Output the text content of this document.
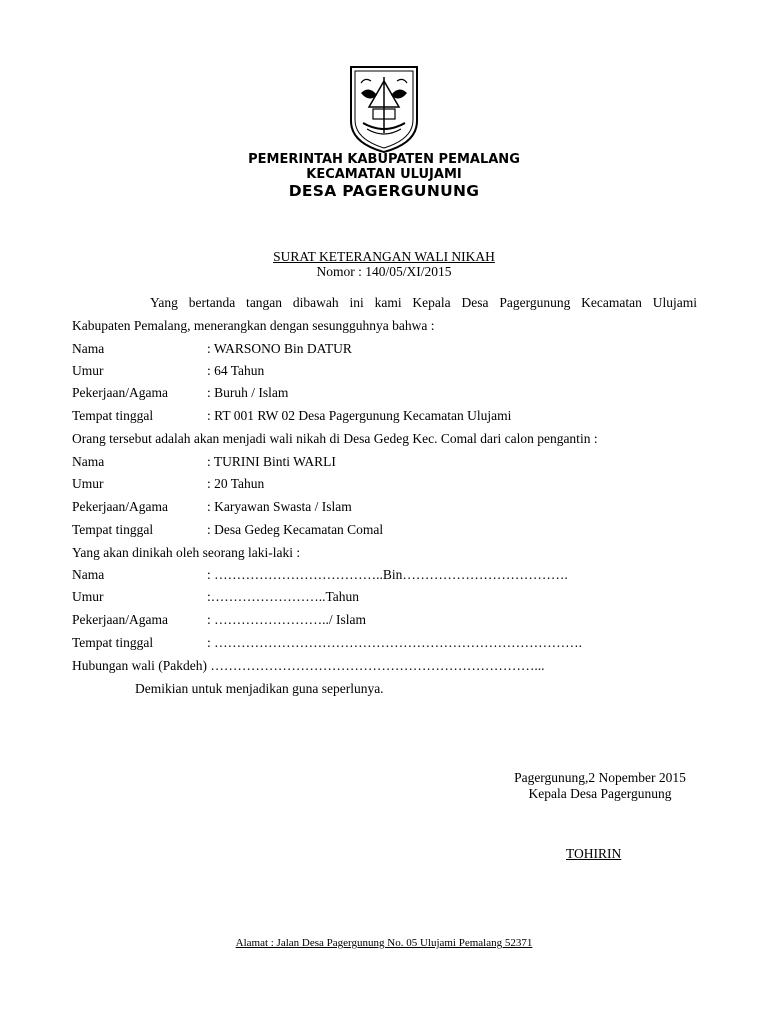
PEMERINTAH KABUPATEN PEMALANG
KECAMATAN ULUJAMI
DESA PAGERGUNUNG
SURAT KETERANGAN WALI NIKAH
Nomor : 140/05/XI/2015
Yang bertanda tangan dibawah ini kami Kepala Desa Pagergunung Kecamatan Ulujami
Kabupaten Pemalang, menerangkan dengan sesungguhnya bahwa :
Nama	: WARSONO Bin DATUR
Umur	: 64 Tahun
Pekerjaan/Agama	: Buruh / Islam
Tempat tinggal	: RT 001 RW 02 Desa Pagergunung Kecamatan Ulujami
Orang tersebut adalah akan menjadi wali nikah di Desa Gedeg Kec. Comal dari calon pengantin :
Nama	: TURINI Binti WARLI
Umur	: 20 Tahun
Pekerjaan/Agama	: Karyawan Swasta / Islam
Tempat tinggal	: Desa Gedeg Kecamatan Comal
Yang akan dinikah oleh seorang laki-laki :
Nama	: ………………………………..Bin……………………………….
Umur	:……………………..Tahun
Pekerjaan/Agama	: ……………………../ Islam
Tempat tinggal	: ……………………………………………………………………….
Hubungan wali (Pakdeh) ………………………………………………………………...
Demikian untuk menjadikan guna seperlunya.
Pagergunung,2 Nopember 2015
Kepala Desa Pagergunung
TOHIRIN
Alamat : Jalan Desa Pagergunung No. 05 Ulujami Pemalang 52371
